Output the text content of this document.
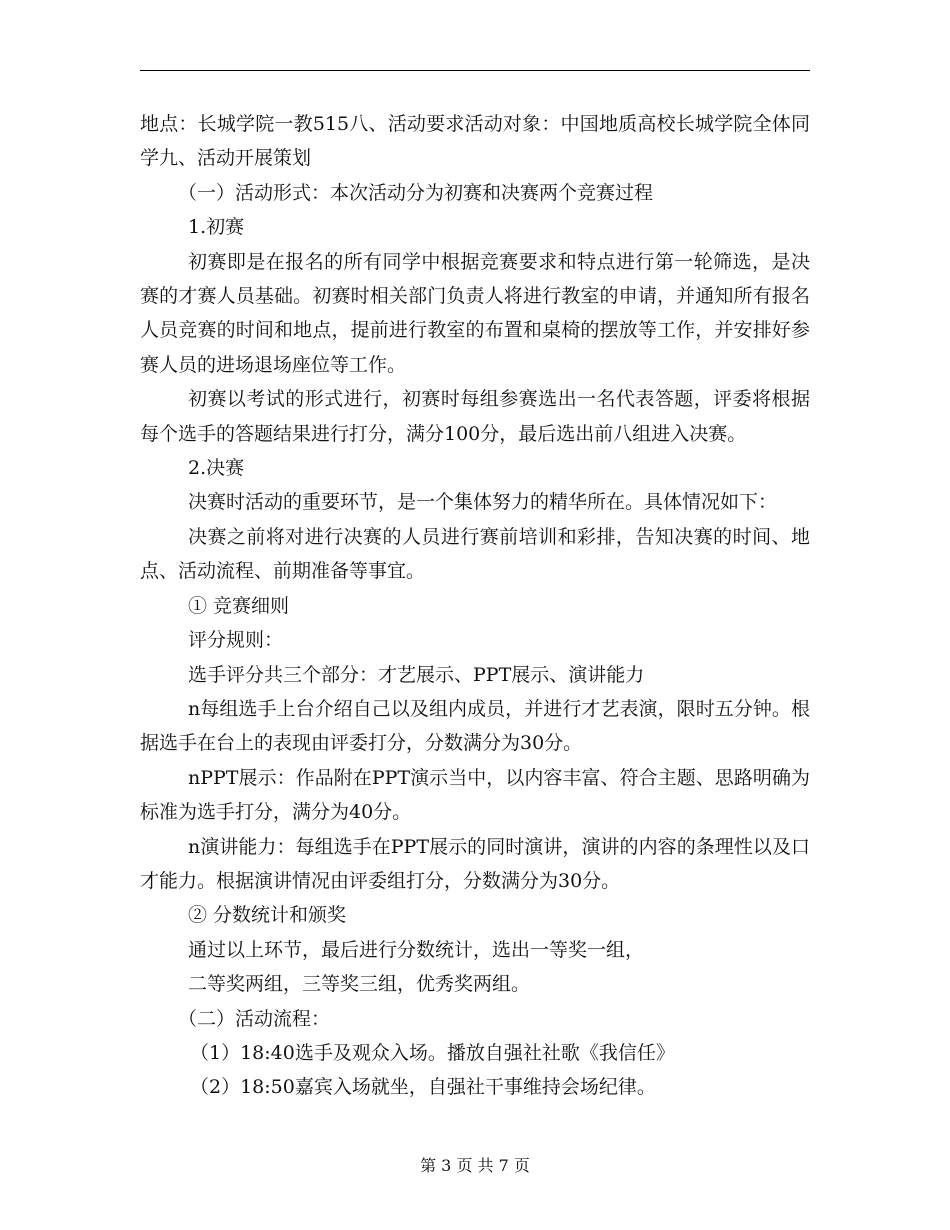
地点：长城学院一教515八、活动要求活动对象：中国地质高校长城学院全体同学九、活动开展策划

（一）活动形式：本次活动分为初赛和决赛两个竞赛过程

1.初赛

初赛即是在报名的所有同学中根据竞赛要求和特点进行第一轮筛选，是决赛的才赛人员基础。初赛时相关部门负责人将进行教室的申请，并通知所有报名人员竞赛的时间和地点，提前进行教室的布置和桌椅的摆放等工作，并安排好参赛人员的进场退场座位等工作。

初赛以考试的形式进行，初赛时每组参赛选出一名代表答题，评委将根据每个选手的答题结果进行打分，满分100分，最后选出前八组进入决赛。

2.决赛

决赛时活动的重要环节，是一个集体努力的精华所在。具体情况如下：

决赛之前将对进行决赛的人员进行赛前培训和彩排，告知决赛的时间、地点、活动流程、前期准备等事宜。

① 竞赛细则

评分规则：

选手评分共三个部分：才艺展示、PPT展示、演讲能力

n每组选手上台介绍自己以及组内成员，并进行才艺表演，限时五分钟。根据选手在台上的表现由评委打分，分数满分为30分。

nPPT展示：作品附在PPT演示当中，以内容丰富、符合主题、思路明确为标准为选手打分，满分为40分。

n演讲能力：每组选手在PPT展示的同时演讲，演讲的内容的条理性以及口才能力。根据演讲情况由评委组打分，分数满分为30分。

② 分数统计和颁奖

通过以上环节，最后进行分数统计，选出一等奖一组，

二等奖两组，三等奖三组，优秀奖两组。

（二）活动流程：

（1）18:40选手及观众入场。播放自强社社歌《我信任》

（2）18:50嘉宾入场就坐，自强社干事维持会场纪律。

第 3 页 共 7 页
